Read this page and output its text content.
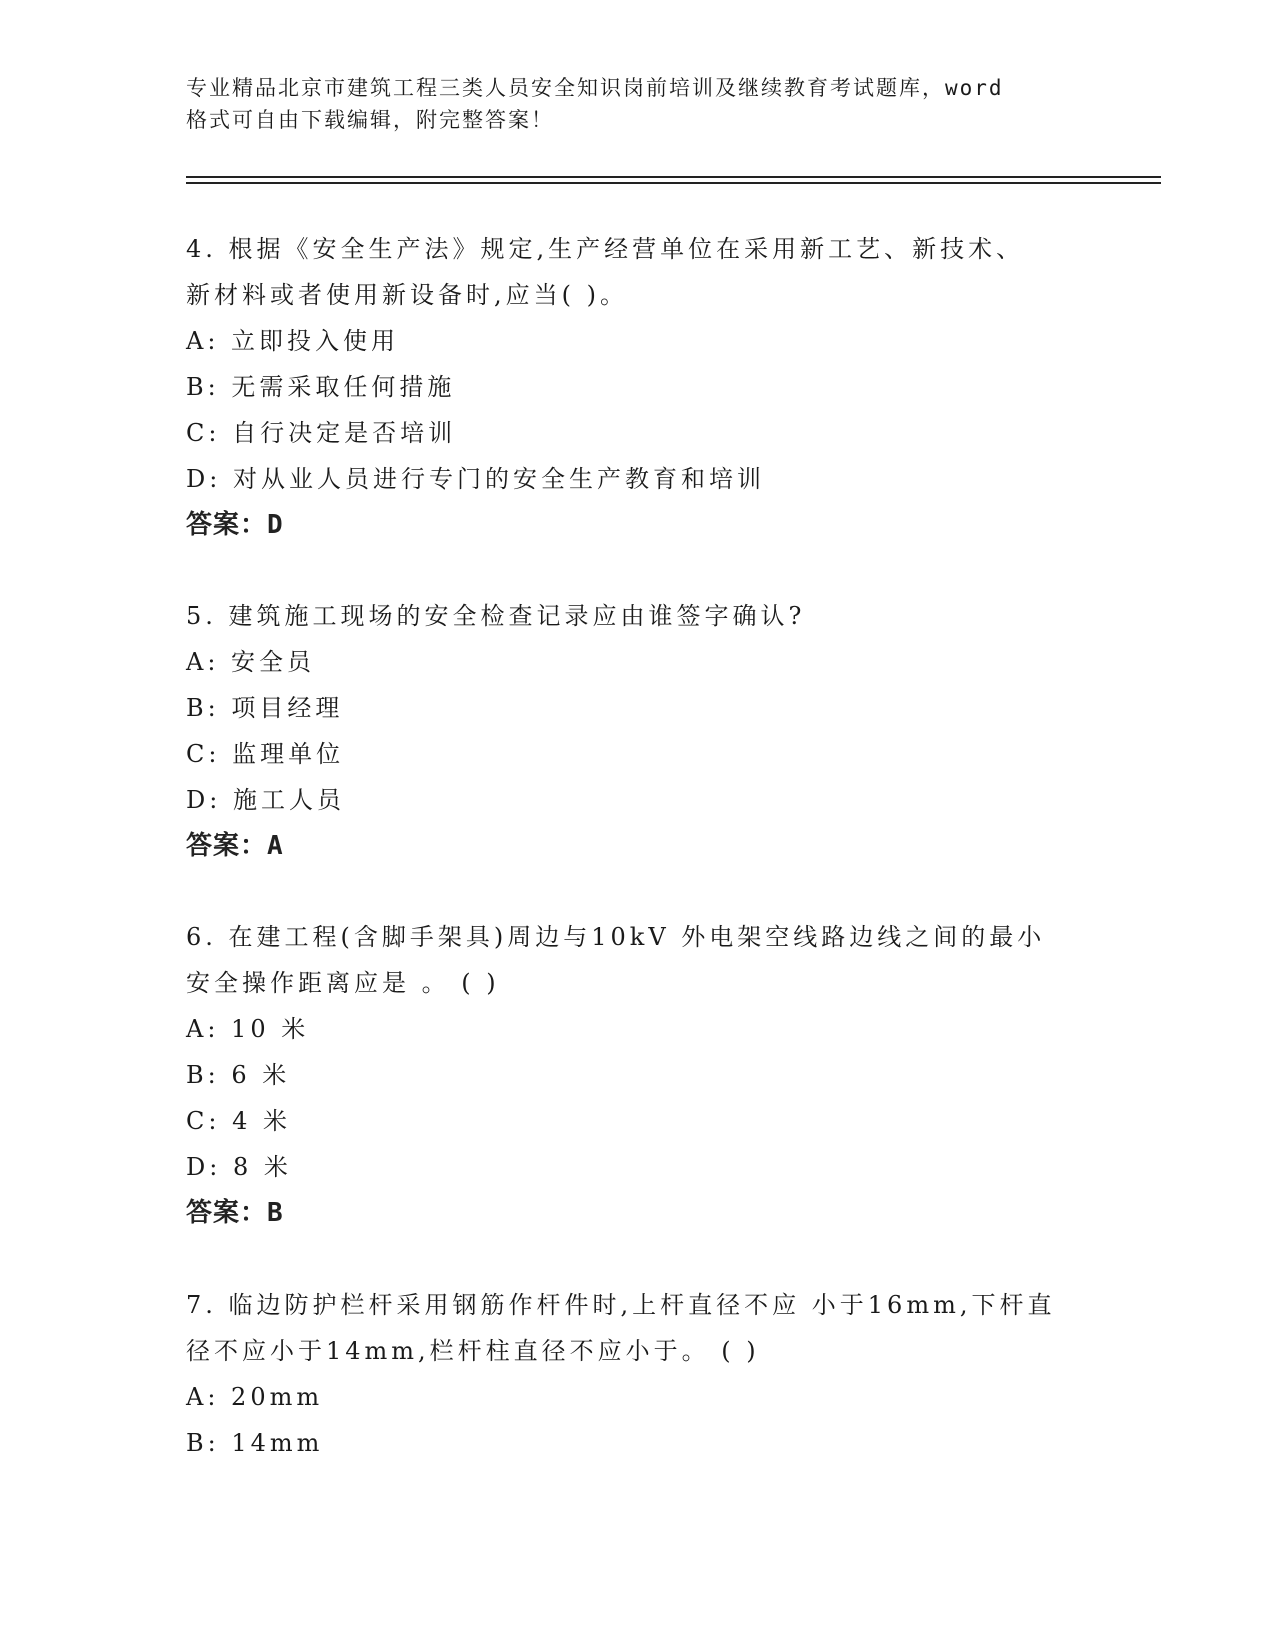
专业精品北京市建筑工程三类人员安全知识岗前培训及继续教育考试题库，word
格式可自由下载编辑，附完整答案！
4. 根据《安全生产法》规定,生产经营单位在采用新工艺、新技术、
新材料或者使用新设备时,应当( )。
A: 立即投入使用
B: 无需采取任何措施
C: 自行决定是否培训
D: 对从业人员进行专门的安全生产教育和培训
答案：D
5. 建筑施工现场的安全检查记录应由谁签字确认?
A: 安全员
B: 项目经理
C: 监理单位
D: 施工人员
答案：A
6. 在建工程(含脚手架具)周边与10kV 外电架空线路边线之间的最小
安全操作距离应是 。 ( )
A: 10 米
B: 6 米
C: 4 米
D: 8 米
答案：B
7. 临边防护栏杆采用钢筋作杆件时,上杆直径不应 小于16mm,下杆直
径不应小于14mm,栏杆柱直径不应小于。 ( )
A: 20mm
B: 14mm
